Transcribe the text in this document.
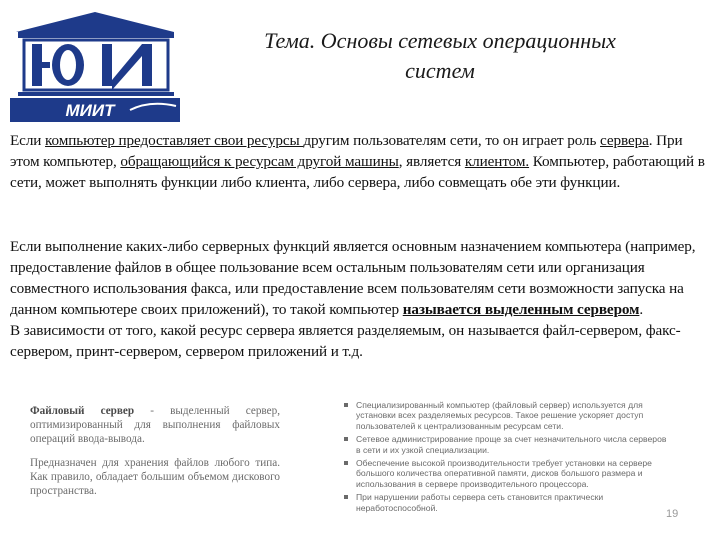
МИИТ
Тема. Основы сетевых операционных
систем
Если компьютер предоставляет свои ресурсы другим пользователям сети, то он играет роль сервера. При этом компьютер, обращающийся к ресурсам другой машины, является клиентом. Компьютер, работающий в сети, может выполнять функции либо клиента, либо сервера, либо совмещать обе эти функции.
Если выполнение каких-либо серверных функций является основным назначением компьютера (например, предоставление файлов в общее пользование всем остальным пользователям сети или организация совместного использования факса, или предоставление всем пользователям сети возможности запуска на данном компьютере своих приложений), то такой компьютер называется выделенным сервером.
В зависимости от того, какой ресурс сервера является разделяемым, он называется файл-сервером, факс-сервером, принт-сервером, сервером приложений и т.д.

Файловый сервер - выделенный сервер, оптимизированный для выполнения файловых операций ввода-вывода.

Предназначен для хранения файлов любого типа. Как правило, обладает большим объемом дискового пространства.

Специализированный компьютер (файловый сервер) используется для установки всех разделяемых ресурсов. Такое решение ускоряет доступ пользователей к централизованным ресурсам сети.
Сетевое администрирование проще за счет незначительного числа серверов в сети и их узкой специализации.
Обеспечение высокой производительности требует установки на сервере большого количества оперативной памяти, дисков большого размера и использования в сервере производительного процессора.
При нарушении работы сервера сеть становится практически неработоспособной.
19
